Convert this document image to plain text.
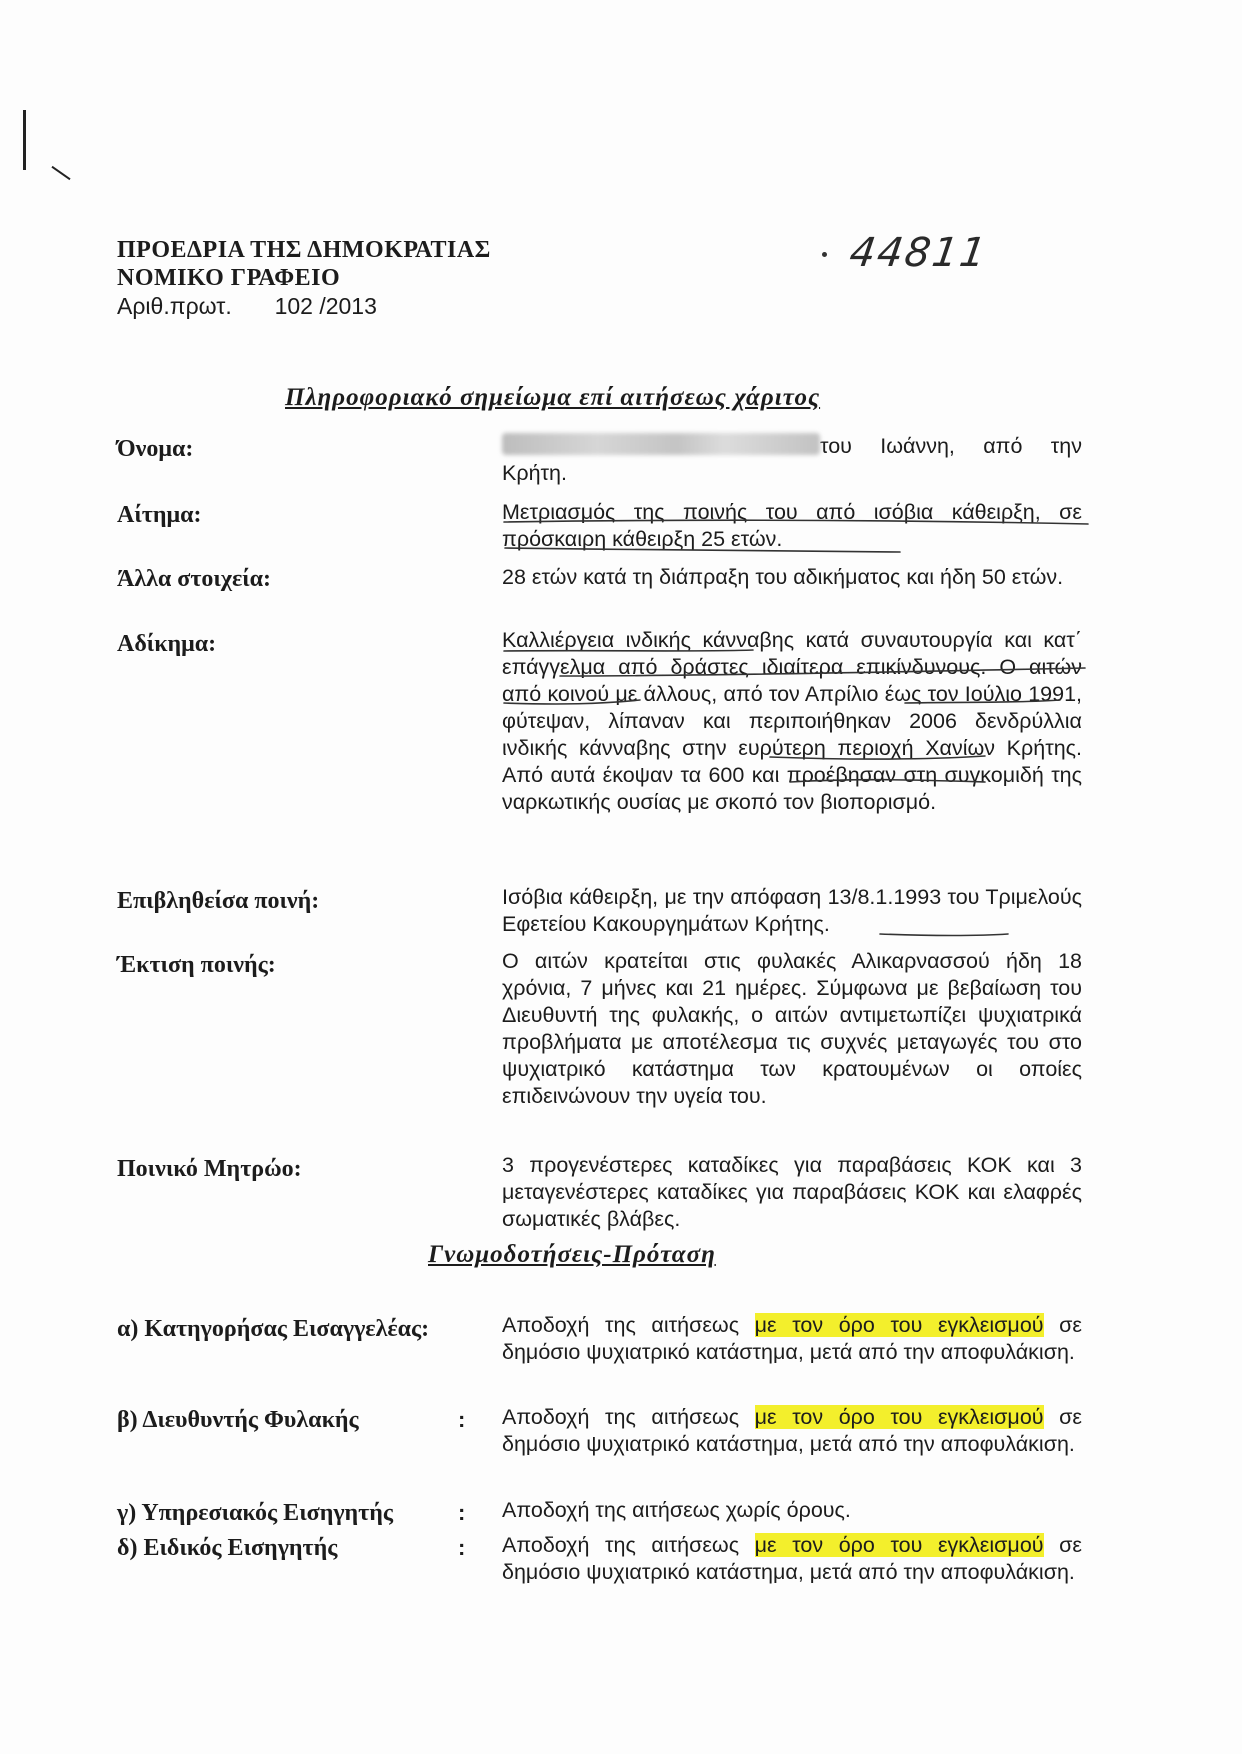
ΠΡΟΕΔΡΙΑ ΤΗΣ ΔΗΜΟΚΡΑΤΙΑΣ
ΝΟΜΙΚΟ ΓΡΑΦΕΙΟ
Αριθ.πρωτ. 102 /2013
44811
Πληροφοριακό σημείωμα επί αιτήσεως χάριτος
Όνομα:	του Ιωάννη, από την Κρήτη.
Αίτημα:	Μετριασμός της ποινής του από ισόβια κάθειρξη, σε πρόσκαιρη κάθειρξη 25 ετών.
Άλλα στοιχεία:	28 ετών κατά τη διάπραξη του αδικήματος και ήδη 50 ετών.
Αδίκημα:	Καλλιέργεια ινδικής κάνναβης κατά συναυτουργία και κατ΄ επάγγελμα από δράστες ιδιαίτερα επικίνδυνους. Ο αιτών από κοινού με άλλους, από τον Απρίλιο έως τον Ιούλιο 1991, φύτεψαν, λίπαναν και περιποιήθηκαν 2006 δενδρύλλια ινδικής κάνναβης στην ευρύτερη περιοχή Χανίων Κρήτης. Από αυτά έκοψαν τα 600 και προέβησαν στη συγκομιδή της ναρκωτικής ουσίας με σκοπό τον βιοπορισμό.
Επιβληθείσα ποινή:	Ισόβια κάθειρξη, με την απόφαση 13/8.1.1993 του Τριμελούς Εφετείου Κακουργημάτων Κρήτης.
Έκτιση ποινής:	Ο αιτών κρατείται στις φυλακές Αλικαρνασσού ήδη 18 χρόνια, 7 μήνες και 21 ημέρες. Σύμφωνα με βεβαίωση του Διευθυντή της φυλακής, ο αιτών αντιμετωπίζει ψυχιατρικά προβλήματα με αποτέλεσμα τις συχνές μεταγωγές του στο ψυχιατρικό κατάστημα των κρατουμένων οι οποίες επιδεινώνουν την υγεία του.
Ποινικό Μητρώο:	3 προγενέστερες καταδίκες για παραβάσεις ΚΟΚ και 3 μεταγενέστερες καταδίκες για παραβάσεις ΚΟΚ και ελαφρές σωματικές βλάβες.
Γνωμοδοτήσεις-Πρόταση
α) Κατηγορήσας Εισαγγελέας:	Αποδοχή της αιτήσεως με τον όρο του εγκλεισμού σε δημόσιο ψυχιατρικό κατάστημα, μετά από την αποφυλάκιση.
β) Διευθυντής Φυλακής	: Αποδοχή της αιτήσεως με τον όρο του εγκλεισμού σε δημόσιο ψυχιατρικό κατάστημα, μετά από την αποφυλάκιση.
γ) Υπηρεσιακός Εισηγητής	: Αποδοχή της αιτήσεως χωρίς όρους.
δ) Ειδικός Εισηγητής	: Αποδοχή της αιτήσεως με τον όρο του εγκλεισμού σε δημόσιο ψυχιατρικό κατάστημα, μετά από την αποφυλάκιση.
